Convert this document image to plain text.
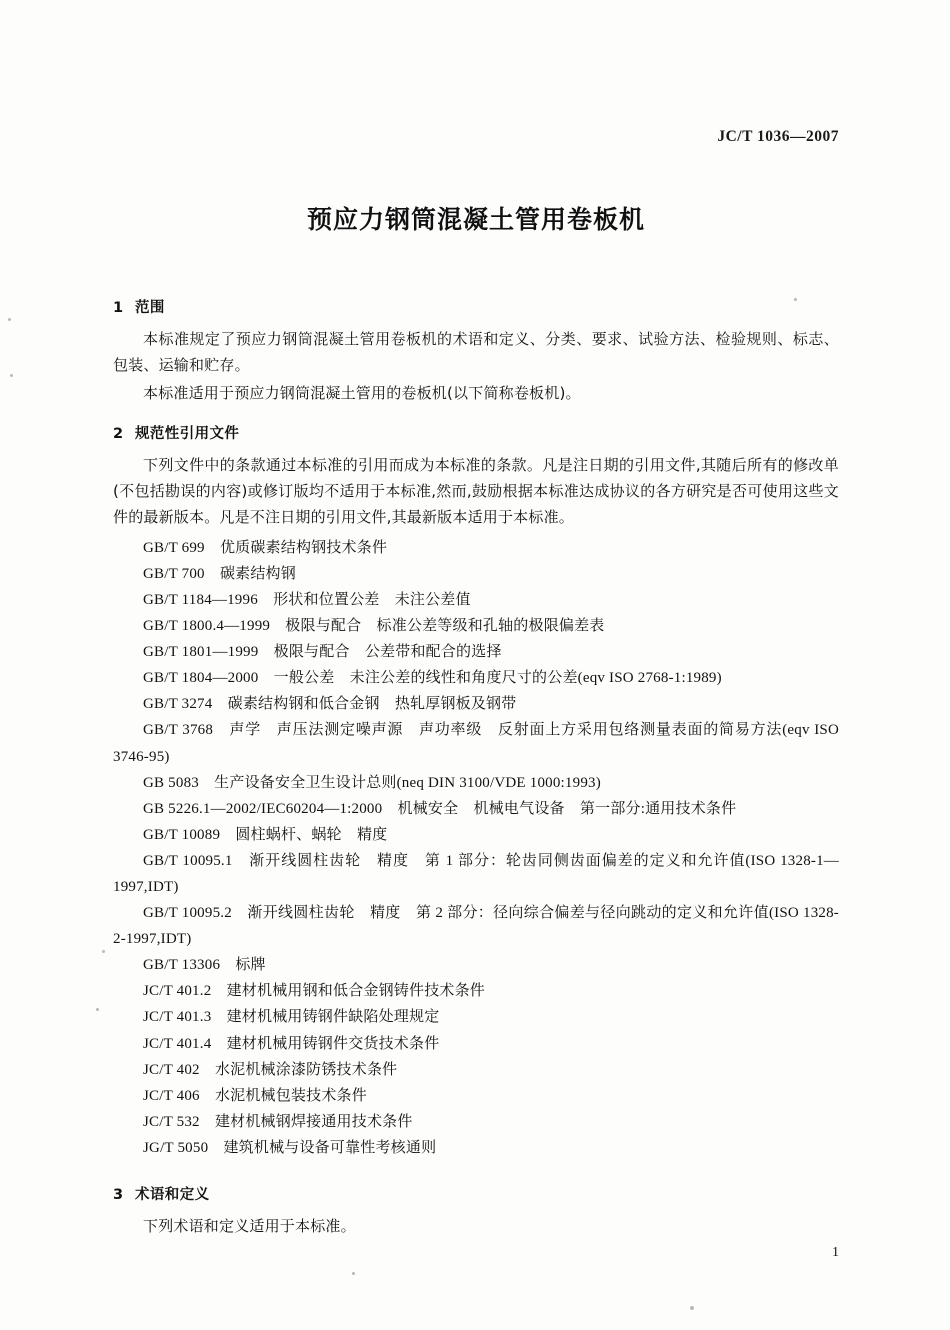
JC/T 1036—2007
预应力钢筒混凝土管用卷板机
1 范围

本标准规定了预应力钢筒混凝土管用卷板机的术语和定义、分类、要求、试验方法、检验规则、标志、包装、运输和贮存。

本标准适用于预应力钢筒混凝土管用的卷板机(以下简称卷板机)。

2 规范性引用文件

下列文件中的条款通过本标准的引用而成为本标准的条款。凡是注日期的引用文件,其随后所有的修改单(不包括勘误的内容)或修订版均不适用于本标准,然而,鼓励根据本标准达成协议的各方研究是否可使用这些文件的最新版本。凡是不注日期的引用文件,其最新版本适用于本标准。

GB/T 699　优质碳素结构钢技术条件
GB/T 700　碳素结构钢
GB/T 1184—1996　形状和位置公差　未注公差值
GB/T 1800.4—1999　极限与配合　标准公差等级和孔轴的极限偏差表
GB/T 1801—1999　极限与配合　公差带和配合的选择
GB/T 1804—2000　一般公差　未注公差的线性和角度尺寸的公差(eqv ISO 2768-1:1989)
GB/T 3274　碳素结构钢和低合金钢　热轧厚钢板及钢带
GB/T 3768　声学　声压法测定噪声源　声功率级　反射面上方采用包络测量表面的简易方法(eqv ISO 3746-95)
GB 5083　生产设备安全卫生设计总则(neq DIN 3100/VDE 1000:1993)
GB 5226.1—2002/IEC60204—1:2000　机械安全　机械电气设备　第一部分:通用技术条件
GB/T 10089　圆柱蜗杆、蜗轮　精度
GB/T 10095.1　渐开线圆柱齿轮　精度　第 1 部分：轮齿同侧齿面偏差的定义和允许值(ISO 1328-1—1997,IDT)
GB/T 10095.2　渐开线圆柱齿轮　精度　第 2 部分：径向综合偏差与径向跳动的定义和允许值(ISO 1328-2-1997,IDT)
GB/T 13306　标牌
JC/T 401.2　建材机械用钢和低合金钢铸件技术条件
JC/T 401.3　建材机械用铸钢件缺陷处理规定
JC/T 401.4　建材机械用铸钢件交货技术条件
JC/T 402　水泥机械涂漆防锈技术条件
JC/T 406　水泥机械包装技术条件
JC/T 532　建材机械钢焊接通用技术条件
JG/T 5050　建筑机械与设备可靠性考核通则
3 术语和定义

下列术语和定义适用于本标准。

1
